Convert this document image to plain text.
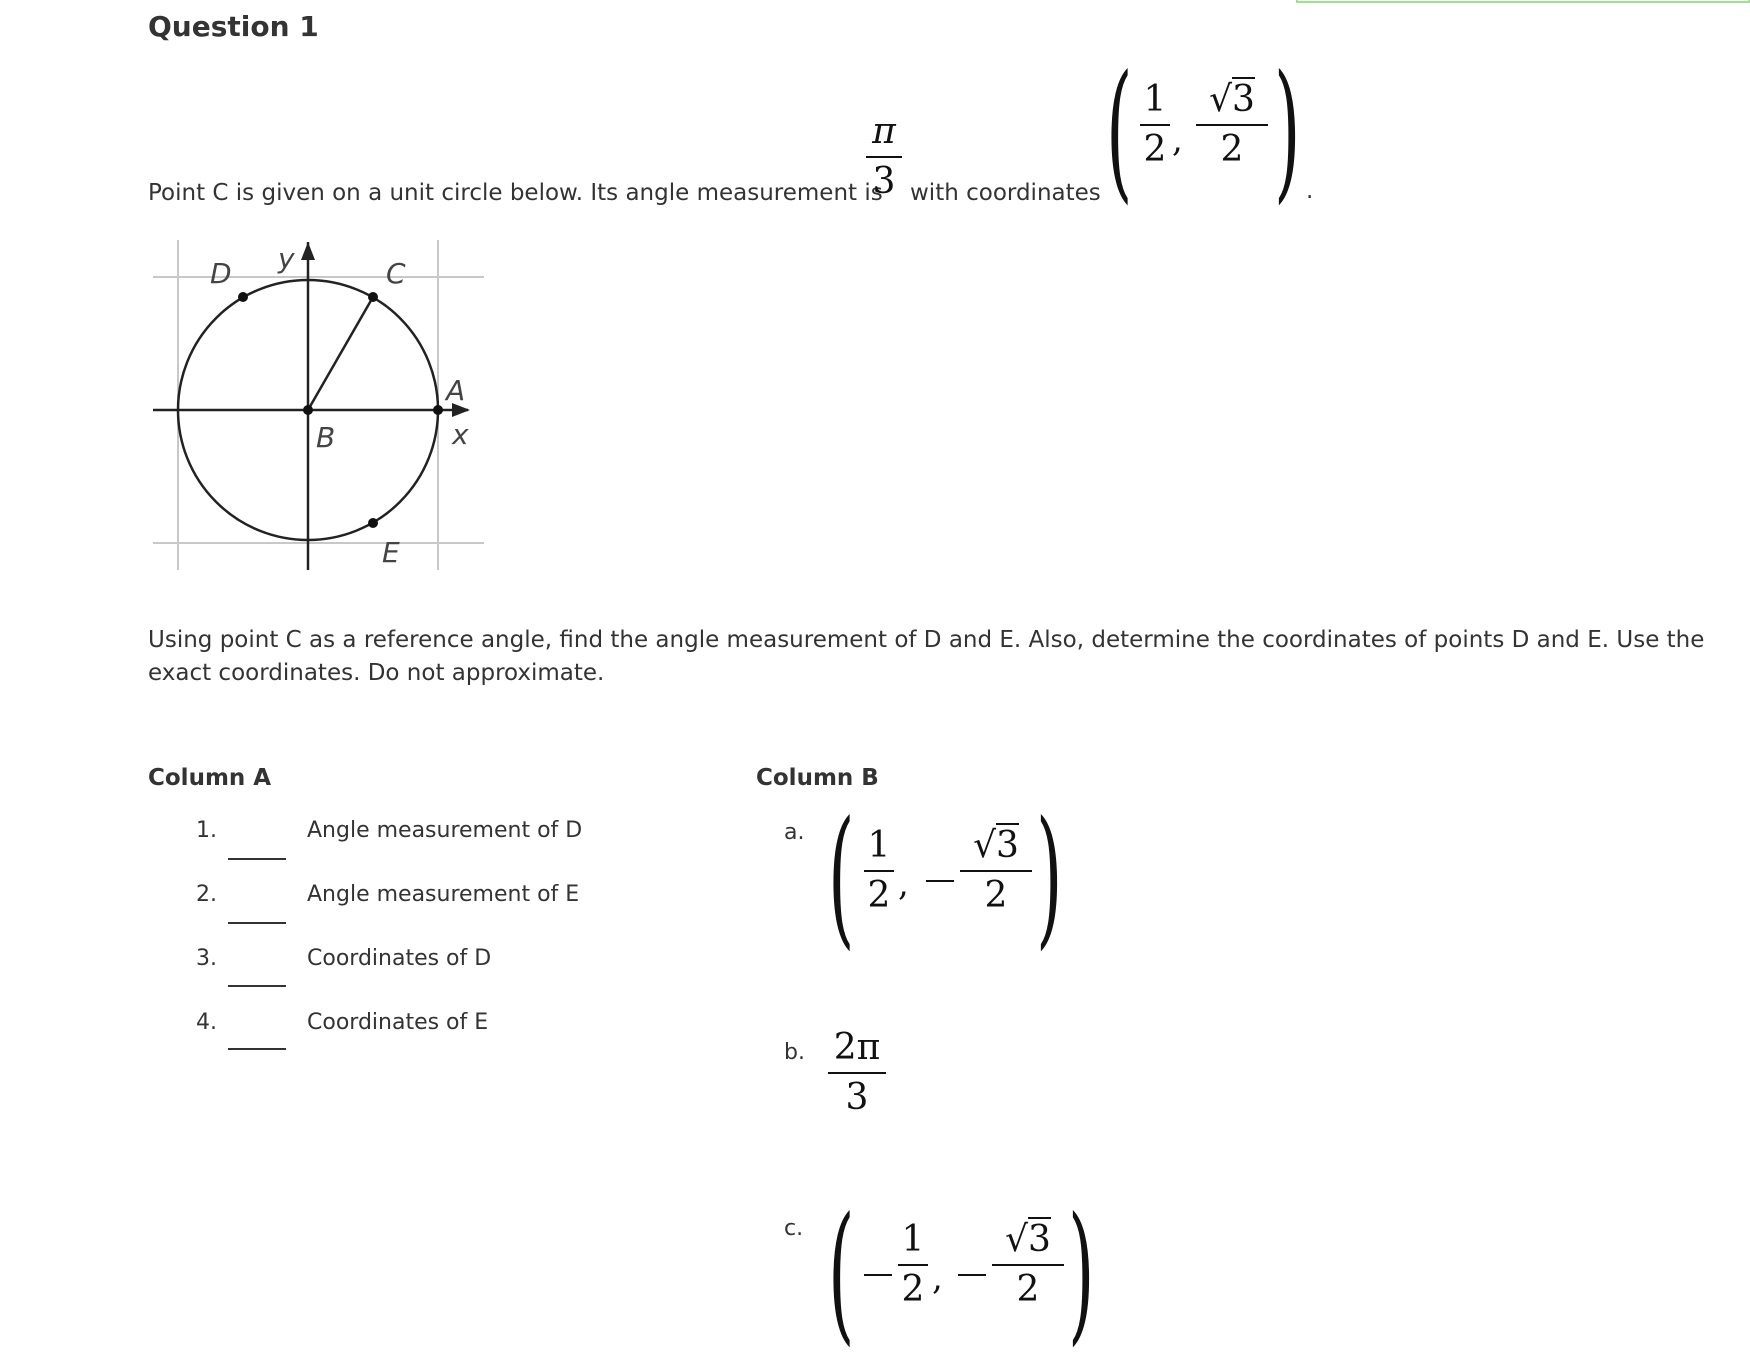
Question 1
Point C is given on a unit circle below. Its angle measurement is
π
3 with coordinates ( 1
2 ,
√3
2 ) .
D y	C
A
B	x
E
Using point C as a reference angle, find the angle measurement of D and E. Also, determine the coordinates of points D and E. Use the exact coordinates. Do not approximate.
Column A	Column B
1.	Angle measurement of D
2.	Angle measurement of E
3.	Coordinates of D
4.	Coordinates of E
a. ( 1
2 ,
√3
2 )
b. 2π
3
c. ( 1
2 ,
√3
2 )
